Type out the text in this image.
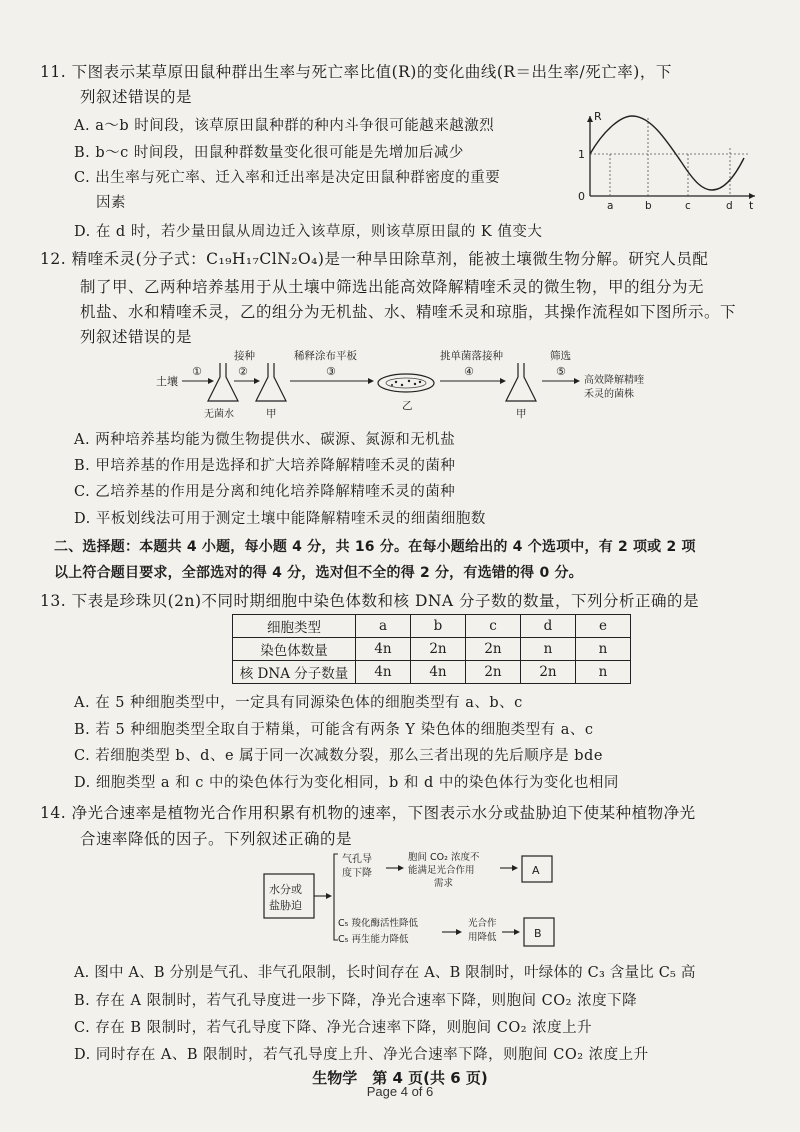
11. 下图表示某草原田鼠种群出生率与死亡率比值(R)的变化曲线(R＝出生率/死亡率)，下
列叙述错误的是
A. a～b 时间段，该草原田鼠种群的种内斗争很可能越来越激烈
B. b～c 时间段，田鼠种群数量变化很可能是先增加后减少
C. 出生率与死亡率、迁入率和迁出率是决定田鼠种群密度的重要
因素
D. 在 d 时，若少量田鼠从周边迁入该草原，则该草原田鼠的 K 值变大
R
1
0
t
a	b	c	d
12. 精喹禾灵(分子式：C₁₉H₁₇ClN₂O₄)是一种旱田除草剂，能被土壤微生物分解。研究人员配
制了甲、乙两种培养基用于从土壤中筛选出能高效降解精喹禾灵的微生物，甲的组分为无
机盐、水和精喹禾灵，乙的组分为无机盐、水、精喹禾灵和琼脂，其操作流程如下图所示。下
列叙述错误的是
土壤
①
无菌水
接种
②
甲
稀释涂布平板
③
乙
挑单菌落接种
④
甲
筛选
⑤
高效降解精喹
禾灵的菌株
A. 两种培养基均能为微生物提供水、碳源、氮源和无机盐
B. 甲培养基的作用是选择和扩大培养降解精喹禾灵的菌种
C. 乙培养基的作用是分离和纯化培养降解精喹禾灵的菌种
D. 平板划线法可用于测定土壤中能降解精喹禾灵的细菌细胞数
二、选择题：本题共 4 小题，每小题 4 分，共 16 分。在每小题给出的 4 个选项中，有 2 项或 2 项
以上符合题目要求，全部选对的得 4 分，选对但不全的得 2 分，有选错的得 0 分。
13. 下表是珍珠贝(2n)不同时期细胞中染色体数和核 DNA 分子数的数量，下列分析正确的是
细胞类型	a	b	c	d	e
染色体数量	4n	2n	2n	n	n
核 DNA 分子数量	4n	4n	2n	2n	n
A. 在 5 种细胞类型中，一定具有同源染色体的细胞类型有 a、b、c
B. 若 5 种细胞类型全取自于精巢，可能含有两条 Y 染色体的细胞类型有 a、c
C. 若细胞类型 b、d、e 属于同一次减数分裂，那么三者出现的先后顺序是 bde
D. 细胞类型 a 和 c 中的染色体行为变化相同，b 和 d 中的染色体行为变化也相同
14. 净光合速率是植物光合作用积累有机物的速率，下图表示水分或盐胁迫下使某种植物净光
合速率降低的因子。下列叙述正确的是
水分或
盐胁迫
气孔导
度下降
胞间 CO₂ 浓度不
能满足光合作用
需求
A
C₅ 羧化酶活性降低
C₅ 再生能力降低
光合作
用降低	B
A. 图中 A、B 分别是气孔、非气孔限制，长时间存在 A、B 限制时，叶绿体的 C₃ 含量比 C₅ 高
B. 存在 A 限制时，若气孔导度进一步下降，净光合速率下降，则胞间 CO₂ 浓度下降
C. 存在 B 限制时，若气孔导度下降、净光合速率下降，则胞间 CO₂ 浓度上升
D. 同时存在 A、B 限制时，若气孔导度上升、净光合速率下降，则胞间 CO₂ 浓度上升
生物学　第 4 页(共 6 页)
Page 4 of 6
